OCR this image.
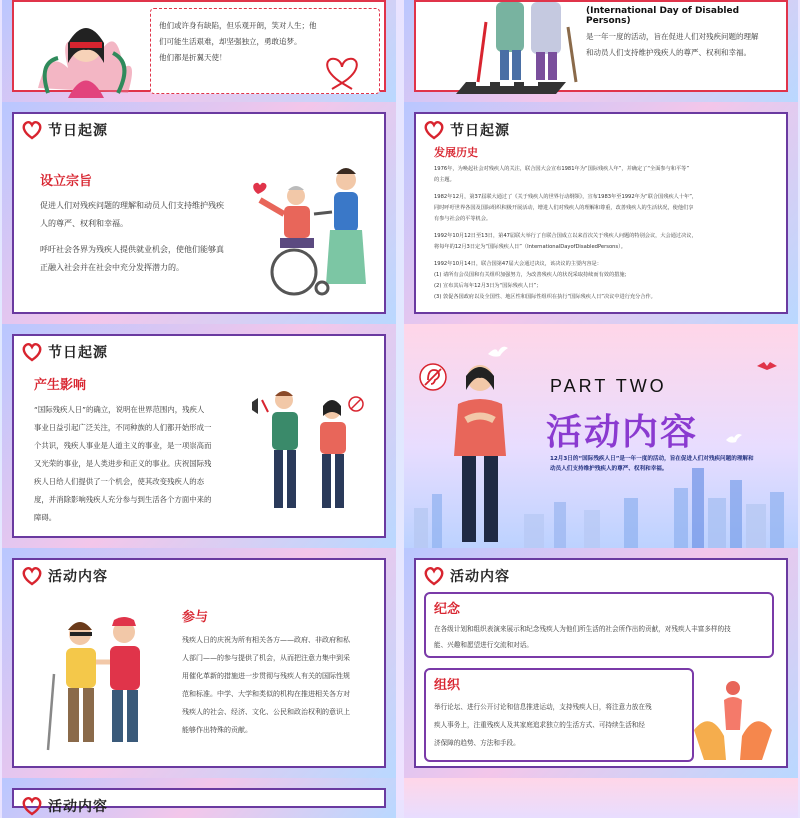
他们或许身有缺陷，但乐观开朗，笑对人生；他
们可能生活艰难，却坚强独立，勇敢追梦。
他们都是折翼天使！
(International Day of Disabled Persons)
是一年一度的活动，旨在促进人们对残疾问题的理解
和动员人们支持维护残疾人的尊严、权利和幸福。
节日起源
设立宗旨
促进人们对残疾问题的理解和动员人们支持维护残疾
人的尊严、权利和幸福。
呼吁社会各界为残疾人提供就业机会，使他们能够真
正融入社会并在社会中充分发挥潜力的。
节日起源
发展历史
1976年，为唤起社会对残疾人的关注，联合国大会宣布1981年为“国际残疾人年”，并确定了“全面参与和平等”
的主题。
1982年12月，第37届联大通过了《关于残疾人的世界行动纲领》，宣布1983年至1992年为“联合国残疾人十年”，
同时呼吁世界各国及国际组织积极开展活动，增进人们对残疾人的理解和尊重，改善残疾人的生活状况，使他们享
有参与社会的平等机会。
1992年10月12日至13日，第47届联大举行了自联合国成立以来首次关于残疾人问题的特别会议，大会通过决议，
将每年的12月3日定为“国际残疾人日”（InternationalDayofDisabledPersons）。
1992年10月14日，联合国第47届大会通过决议，该决议的主要内容是：
(1) 请所有会员国和有关组织加强努力，为改善残疾人的状况采取持续而有效的措施；
(2) 宣布其后每年12月3日为“国际残疾人日”；
(3) 敦促各国政府以及全国性、地区性和国际性组织在执行“国际残疾人日”决议中进行充分合作。
节日起源
产生影响
“国际残疾人日”的确立，说明在世界范围内，残疾人
事业日益引起广泛关注，不同种族的人们都开始形成一
个共识，残疾人事业是人道主义的事业，是一项崇高而
又光荣的事业，是人类进步和正义的事业。庆祝国际残
疾人日给人们提供了一个机会，使其改变残疾人的态
度，并消除影响残疾人充分参与到生活各个方面中来的
障碍。
PART TWO
活动内容
12月3日的“国际残疾人日”是一年一度的活动，旨在促进人们对残疾问题的理解和
动员人们支持维护残疾人的尊严、权利和幸福。
活动内容
参与
残疾人日的庆祝为所有相关各方——政府、非政府和私
人部门——的参与提供了机会，从而把注意力集中到采
用催化革新的措施进一步贯彻与残疾人有关的国际性规
范和标准。中学、大学和类似的机构在推进相关各方对
残疾人的社会、经济、文化、公民和政治权利的意识上
能够作出特殊的贡献。
活动内容
纪念
在各级计划和组织表演来展示和纪念残疾人为他们所生活的社会所作出的贡献，对残疾人丰富多样的技
能、兴趣和愿望进行交流和对话。
组织
举行论坛、进行公开讨论和信息推进运动，支持残疾人日，将注意力放在残
疾人事务上，注重残疾人及其家庭追求独立的生活方式、可持续生活和经
济保障的趋势、方法和手段。
活动内容
